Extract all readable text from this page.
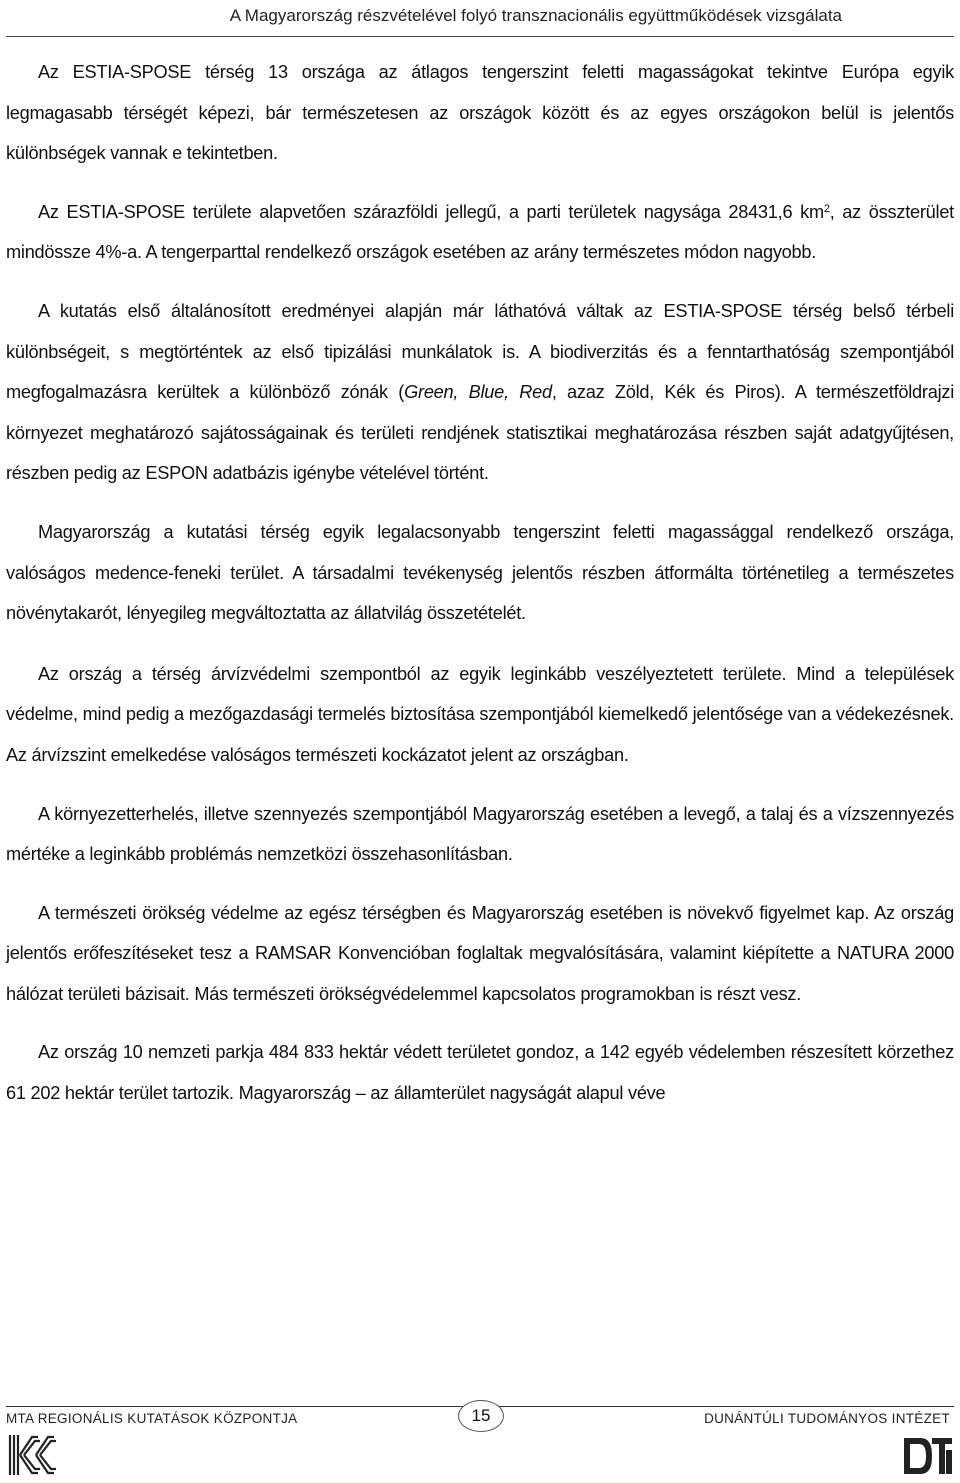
A Magyarország részvételével folyó transznacionális együttműködések vizsgálata

Az ESTIA-SPOSE térség 13 országa az átlagos tengerszint feletti magasságokat tekintve Európa egyik legmagasabb térségét képezi, bár természetesen az országok között és az egyes országokon belül is jelentős különbségek vannak e tekintetben.

Az ESTIA-SPOSE területe alapvetően szárazföldi jellegű, a parti területek nagysága 28431,6 $km^2$, az összterület mindössze 4%-a. A tengerparttal rendelkező országok esetében az arány természetes módon nagyobb.

A kutatás első általánosított eredményei alapján már láthatóvá váltak az ESTIA-SPOSE térség belső térbeli különbségeit, s megtörténtek az első tipizálási munkálatok is. A biodiverzitás és a fenntarthatóság szempontjából megfogalmazásra kerültek a különböző zónák (Green, Blue, Red, azaz Zöld, Kék és Piros). A természetföldrajzi környezet meghatározó sajátosságainak és területi rendjének statisztikai meghatározása részben saját adatgyűjtésen, részben pedig az ESPON adatbázis igénybe vételével történt.

Magyarország a kutatási térség egyik legalacsonyabb tengerszint feletti magassággal rendelkező országa, valóságos medence-feneki terület. A társadalmi tevékenység jelentős részben átformálta történetileg a természetes növénytakarót, lényegileg megváltoztatta az állatvilág összetételét.

Az ország a térség árvízvédelmi szempontból az egyik leginkább veszélyeztetett területe. Mind a települések védelme, mind pedig a mezőgazdasági termelés biztosítása szempontjából kiemelkedő jelentősége van a védekezésnek. Az árvízszint emelkedése valóságos természeti kockázatot jelent az országban.

A környezetterhelés, illetve szennyezés szempontjából Magyarország esetében a levegő, a talaj és a vízszennyezés mértéke a leginkább problémás nemzetközi összehasonlításban.

A természeti örökség védelme az egész térségben és Magyarország esetében is növekvő figyelmet kap. Az ország jelentős erőfeszítéseket tesz a RAMSAR Konvencióban foglaltak megvalósítására, valamint kiépítette a NATURA 2000 hálózat területi bázisait. Más természeti örökségvédelemmel kapcsolatos programokban is részt vesz.

Az ország 10 nemzeti parkja 484 833 hektár védett területet gondoz, a 142 egyéb védelemben részesített körzethez 61 202 hektár terület tartozik. Magyarország – az államterület nagyságát alapul véve

MTA REGIONÁLIS KUTATÁSOK KÖZPONTJA	15	DUNÁNTÚLI TUDOMÁNYOS INTÉZET
